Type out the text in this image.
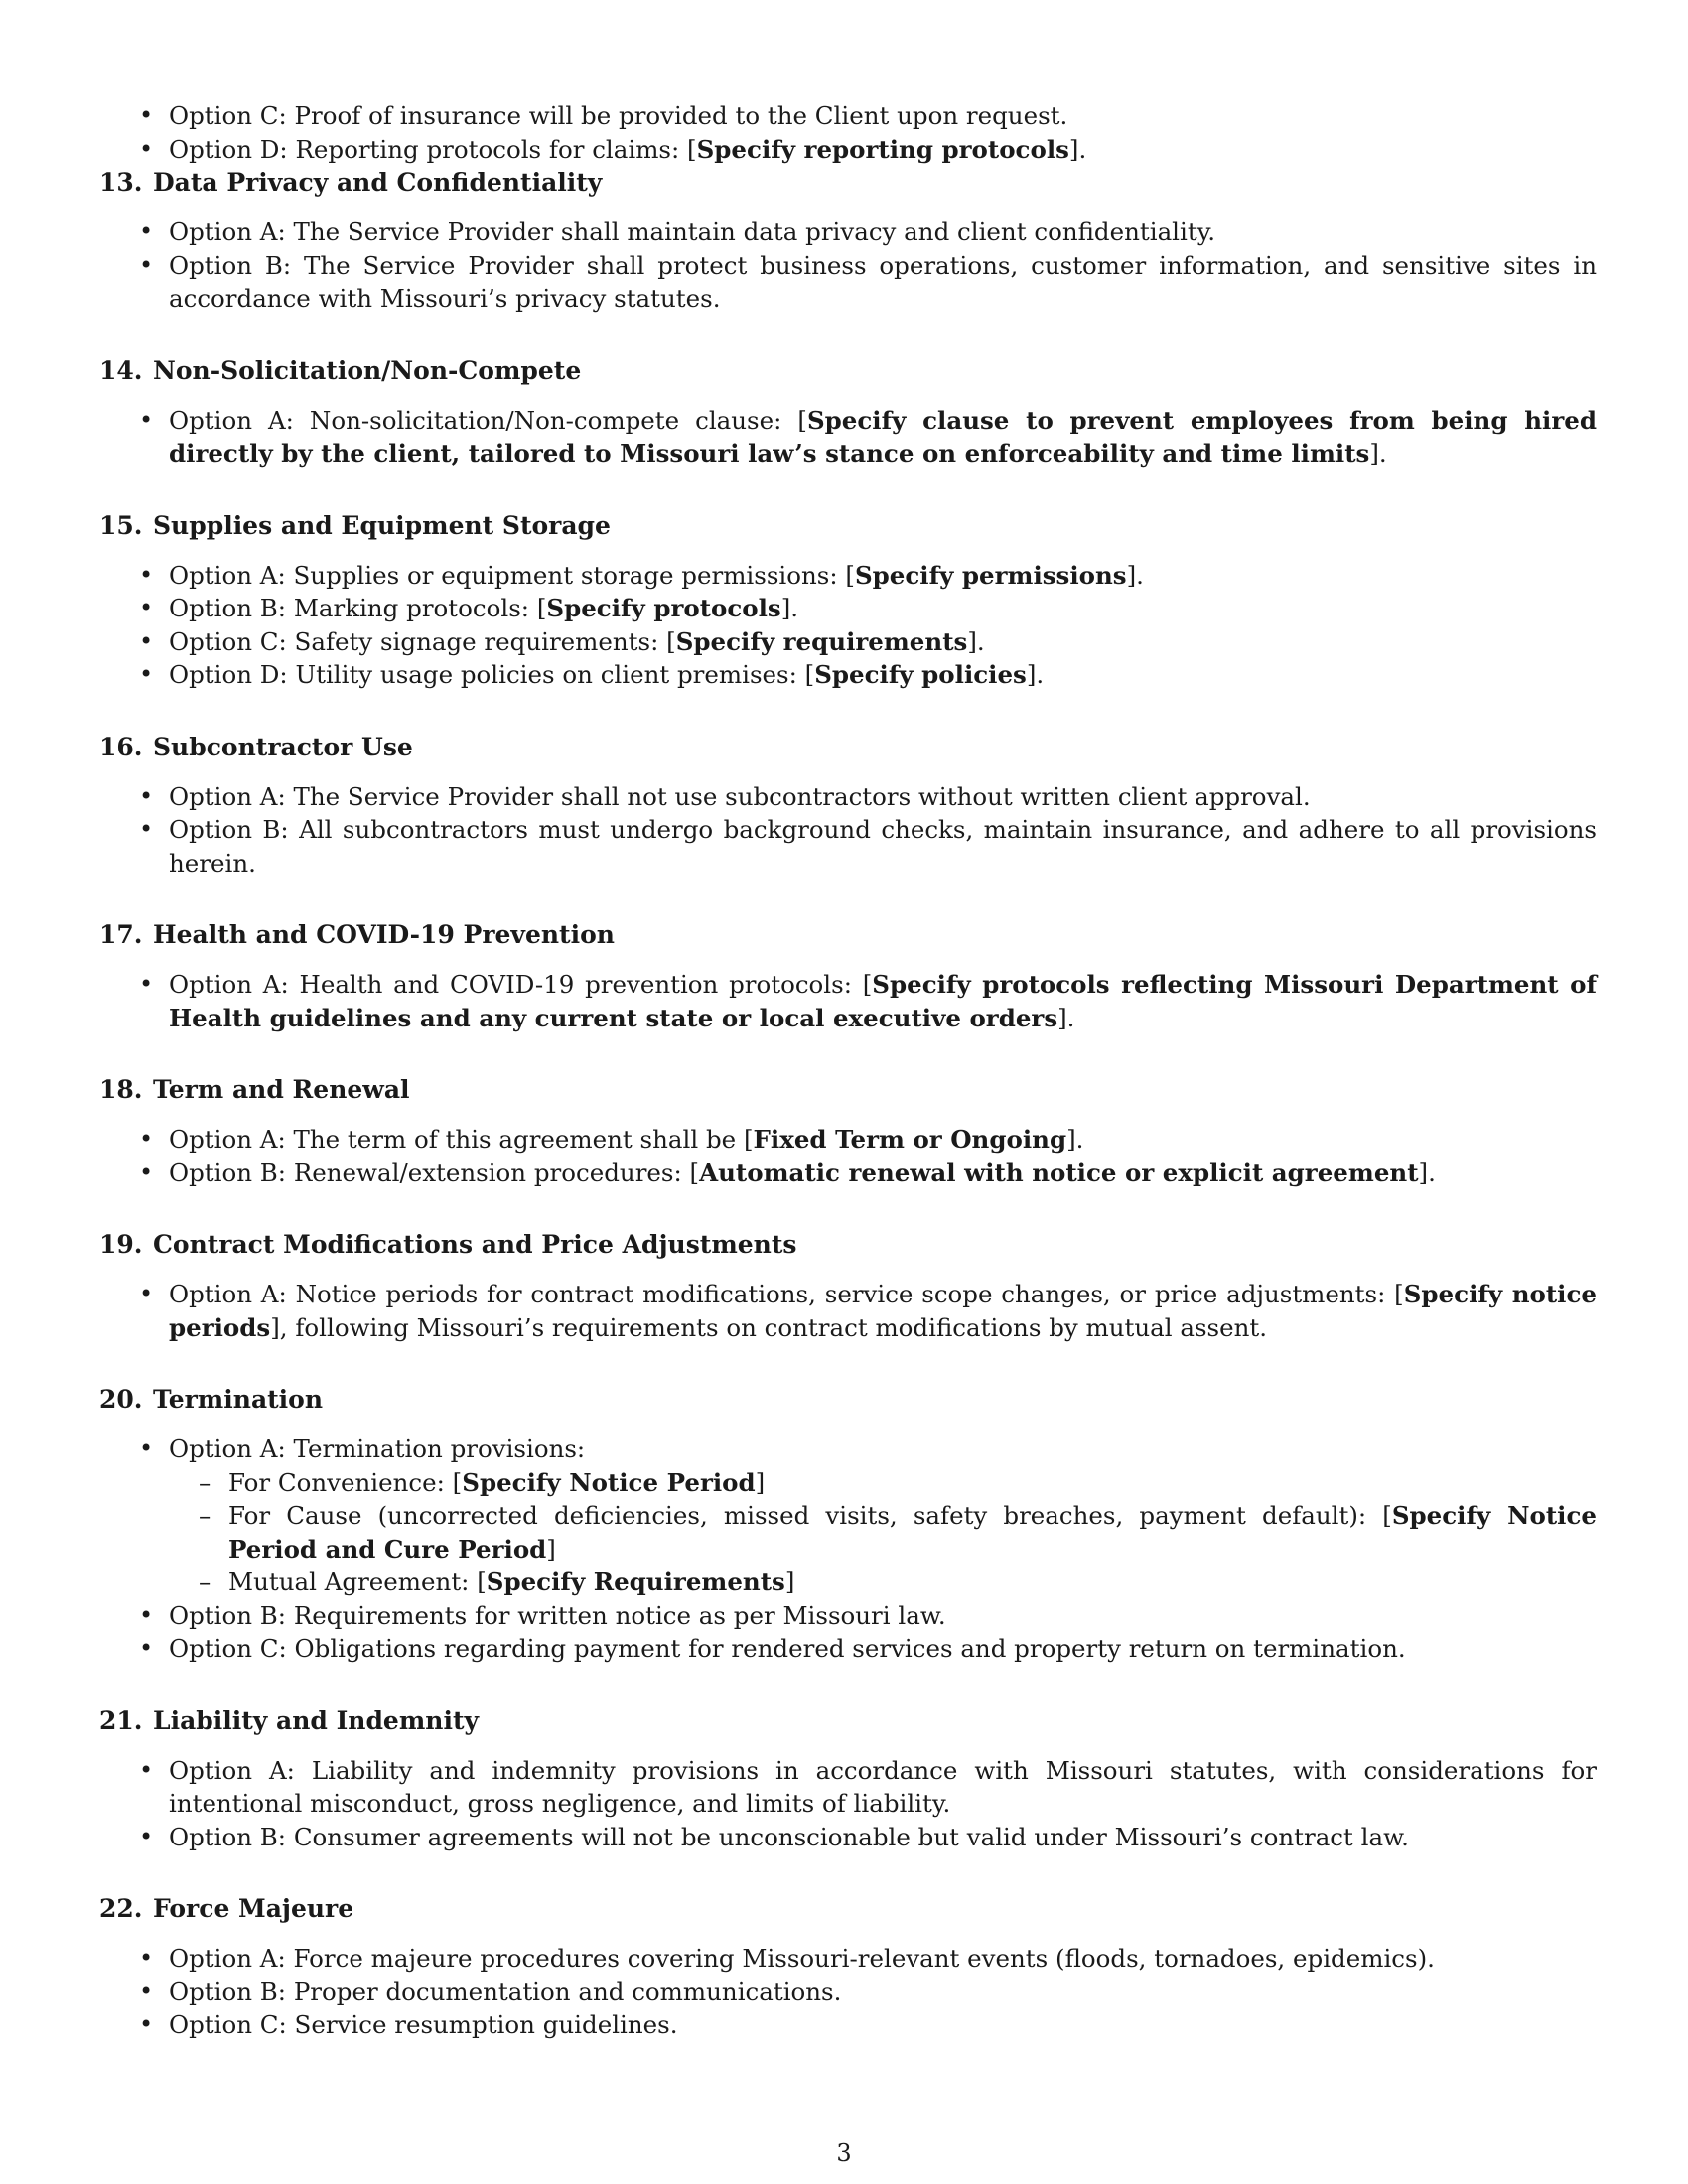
• Option C: Proof of insurance will be provided to the Client upon request.
• Option D: Reporting protocols for claims: [Specify reporting protocols].
13. Data Privacy and Confidentiality
• Option A: The Service Provider shall maintain data privacy and client confidentiality.
• Option B: The Service Provider shall protect business operations, customer information, and sensitive sites in accordance with Missouri’s privacy statutes.
14. Non-Solicitation/Non-Compete
• Option A: Non-solicitation/Non-compete clause: [Specify clause to prevent employees from being hired directly by the client, tailored to Missouri law’s stance on enforceability and time limits].
15. Supplies and Equipment Storage
• Option A: Supplies or equipment storage permissions: [Specify permissions].
• Option B: Marking protocols: [Specify protocols].
• Option C: Safety signage requirements: [Specify requirements].
• Option D: Utility usage policies on client premises: [Specify policies].
16. Subcontractor Use
• Option A: The Service Provider shall not use subcontractors without written client approval.
• Option B: All subcontractors must undergo background checks, maintain insurance, and adhere to all provisions herein.
17. Health and COVID-19 Prevention
• Option A: Health and COVID-19 prevention protocols: [Specify protocols reflecting Missouri Department of Health guidelines and any current state or local executive orders].
18. Term and Renewal
• Option A: The term of this agreement shall be [Fixed Term or Ongoing].
• Option B: Renewal/extension procedures: [Automatic renewal with notice or explicit agreement].
19. Contract Modifications and Price Adjustments
• Option A: Notice periods for contract modifications, service scope changes, or price adjustments: [Specify notice periods], following Missouri’s requirements on contract modifications by mutual assent.
20. Termination
• Option A: Termination provisions:
– For Convenience: [Specify Notice Period]
– For Cause (uncorrected deficiencies, missed visits, safety breaches, payment default): [Specify Notice Period and Cure Period]
– Mutual Agreement: [Specify Requirements]
• Option B: Requirements for written notice as per Missouri law.
• Option C: Obligations regarding payment for rendered services and property return on termination.
21. Liability and Indemnity
• Option A: Liability and indemnity provisions in accordance with Missouri statutes, with considerations for intentional misconduct, gross negligence, and limits of liability.
• Option B: Consumer agreements will not be unconscionable but valid under Missouri’s contract law.
22. Force Majeure
• Option A: Force majeure procedures covering Missouri-relevant events (floods, tornadoes, epidemics).
• Option B: Proper documentation and communications.
• Option C: Service resumption guidelines.
3
